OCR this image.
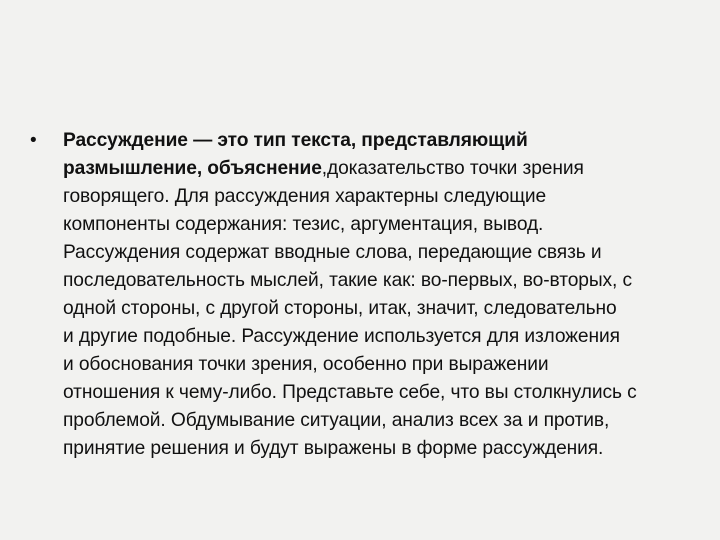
• Рассуждение — это тип текста, представляющий
размышление, объяснение,доказательство точки зрения
говорящего. Для рассуждения характерны следующие
компоненты содержания: тезис, аргументация, вывод.
Рассуждения содержат вводные слова, передающие связь и
последовательность мыслей, такие как: во-первых, во-вторых, с
одной стороны, с другой стороны, итак, значит, следовательно
и другие подобные. Рассуждение используется для изложения
и обоснования точки зрения, особенно при выражении
отношения к чему-либо. Представьте себе, что вы столкнулись с
проблемой. Обдумывание ситуации, анализ всех за и против,
принятие решения и будут выражены в форме рассуждения.
